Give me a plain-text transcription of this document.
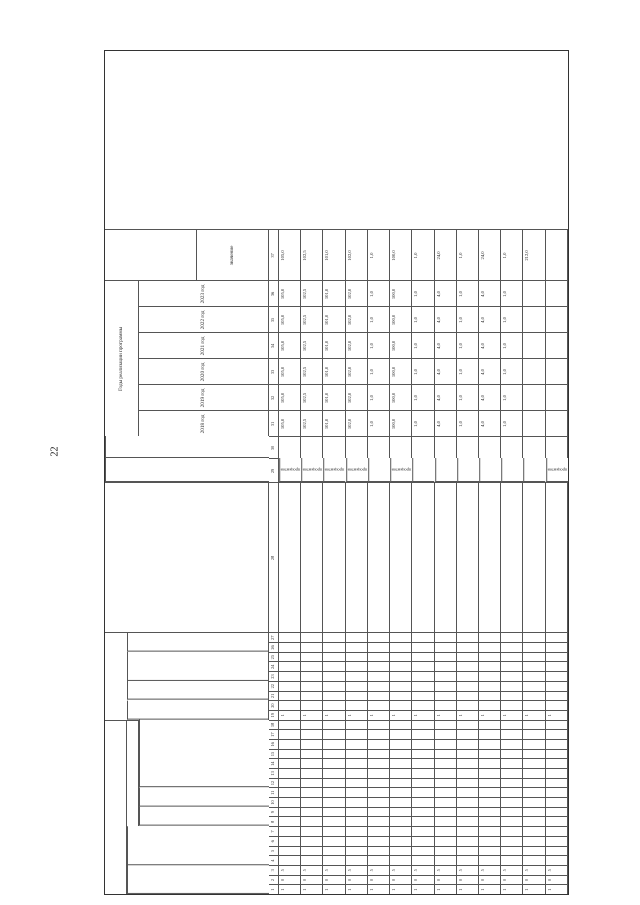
22
Годы реализации программы
значение
2018 год
2019 год
2020 год
2021 год
2022 год
2023 год
1
2
3
4
5
6
7
8
9
10
11
12
13
14
15
16
17
18
19
20
21
22
23
24
25
26
27
28
29
30
31
32
33
34
35
36
37
1
0
5
1
процентов
105,0
105,0
105,0
105,0
105,0
105,0
105,0
1
0
5
1
процентов
102,5
102,5
102,5
102,5
102,5
102,5
102,5
1
0
5
1
процентов
101,0
101,0
101,0
101,0
101,0
101,0
101,0
1
0
5
1
процентов
102,0
102,0
102,0
102,0
102,0
102,0
102,0
1
0
5
1
1,0
1,0
1,0
1,0
1,0
1,0
1,0
1
0
5
1
процентов
100,0
100,0
100,0
100,0
100,0
100,0
100,0
1
0
5
1
1,0
1,0
1,0
1,0
1,0
1,0
1,0
1
0
5
1
4,0
4,0
4,0
4,0
4,0
4,0
24,0
1
0
5
1
1,0
1,0
1,0
1,0
1,0
1,0
1,0
1
0
5
1
4,0
4,0
4,0
4,0
4,0
4,0
24,0
1
0
5
1
1,0
1,0
1,0
1,0
1,0
1,0
1,0
1
0
5
1
212,0
1
0
5
1
процентов
